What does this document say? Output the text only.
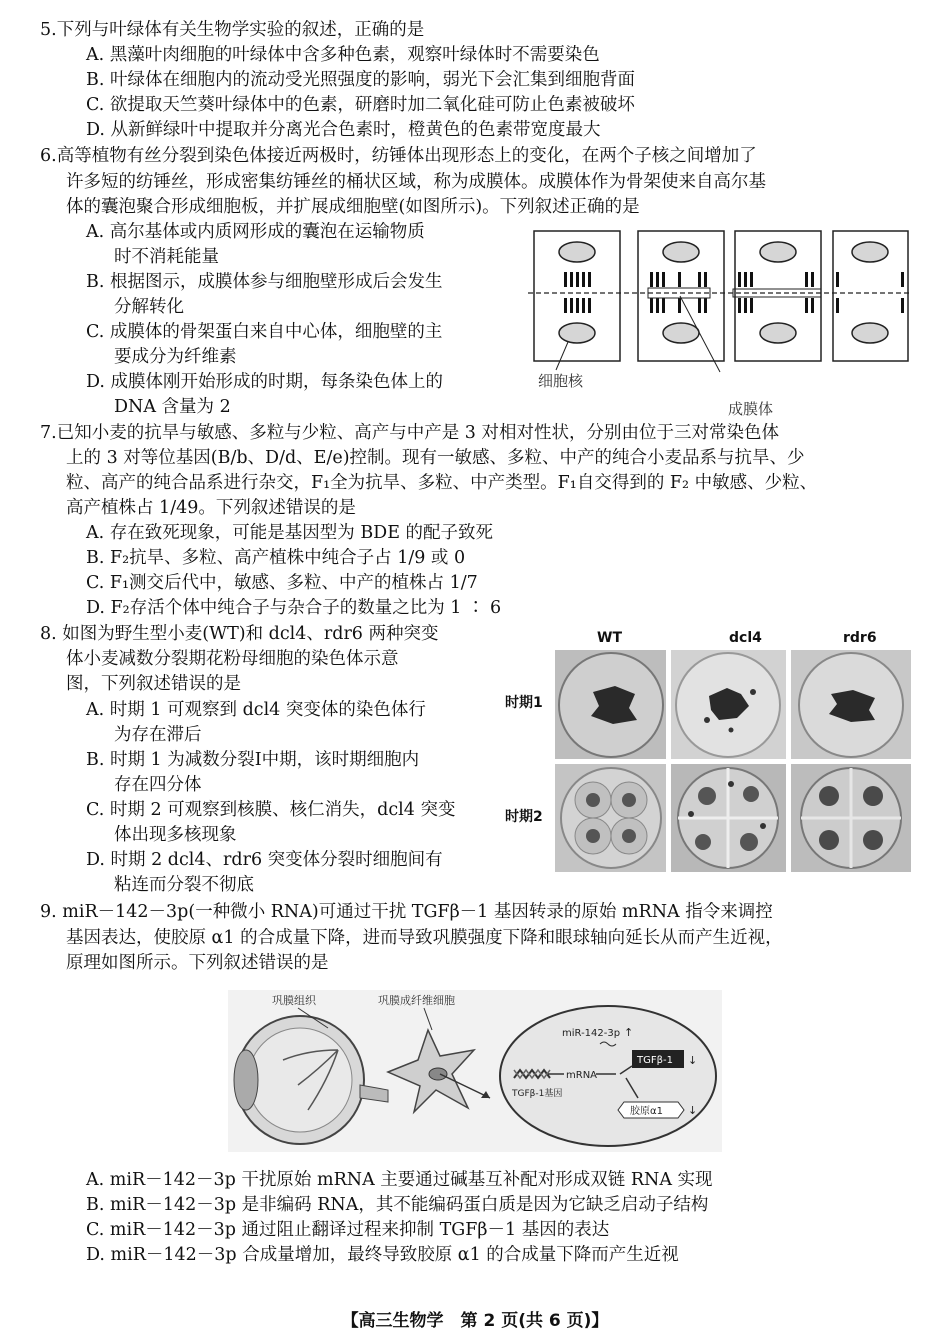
5.下列与叶绿体有关生物学实验的叙述，正确的是
A. 黑藻叶肉细胞的叶绿体中含多种色素，观察叶绿体时不需要染色
B. 叶绿体在细胞内的流动受光照强度的影响，弱光下会汇集到细胞背面
C. 欲提取天竺葵叶绿体中的色素，研磨时加二氧化硅可防止色素被破坏
D. 从新鲜绿叶中提取并分离光合色素时，橙黄色的色素带宽度最大
6.高等植物有丝分裂到染色体接近两极时，纺锤体出现形态上的变化，在两个子核之间增加了
许多短的纺锤丝，形成密集纺锤丝的桶状区域，称为成膜体。成膜体作为骨架使来自高尔基
体的囊泡聚合形成细胞板，并扩展成细胞壁(如图所示)。下列叙述正确的是
A. 高尔基体或内质网形成的囊泡在运输物质
时不消耗能量
B. 根据图示，成膜体参与细胞壁形成后会发生
分解转化
C. 成膜体的骨架蛋白来自中心体，细胞壁的主
要成分为纤维素
D. 成膜体刚开始形成的时期，每条染色体上的
DNA 含量为 2
细胞核
成膜体
7.已知小麦的抗旱与敏感、多粒与少粒、高产与中产是 3 对相对性状，分别由位于三对常染色体
上的 3 对等位基因(B/b、D/d、E/e)控制。现有一敏感、多粒、中产的纯合小麦品系与抗旱、少
粒、高产的纯合品系进行杂交，F₁全为抗旱、多粒、中产类型。F₁自交得到的 F₂ 中敏感、少粒、
高产植株占 1/49。下列叙述错误的是
A. 存在致死现象，可能是基因型为 BDE 的配子致死
B. F₂抗旱、多粒、高产植株中纯合子占 1/9 或 0
C. F₁测交后代中，敏感、多粒、中产的植株占 1/7
D. F₂存活个体中纯合子与杂合子的数量之比为 1 ∶ 6
8. 如图为野生型小麦(WT)和 dcl4、rdr6 两种突变
体小麦减数分裂期花粉母细胞的染色体示意
图，下列叙述错误的是
A. 时期 1 可观察到 dcl4 突变体的染色体行
为存在滞后
B. 时期 1 为减数分裂Ⅰ中期，该时期细胞内
存在四分体
C. 时期 2 可观察到核膜、核仁消失，dcl4 突变
体出现多核现象
D. 时期 2 dcl4、rdr6 突变体分裂时细胞间有
粘连而分裂不彻底
WT	dcl4	rdr6
时期1
时期2
9. miR－142－3p(一种微小 RNA)可通过干扰 TGFβ－1 基因转录的原始 mRNA 指令来调控
基因表达，使胶原 α1 的合成量下降，进而导致巩膜强度下降和眼球轴向延长从而产生近视，
原理如图所示。下列叙述错误的是
巩膜组织	巩膜成纤维细胞
miR-142-3p ↑
TGFβ-1 ↓
mRNA
TGFβ-1基因
胶原α1 ↓
A. miR－142－3p 干扰原始 mRNA 主要通过碱基互补配对形成双链 RNA 实现
B. miR－142－3p 是非编码 RNA，其不能编码蛋白质是因为它缺乏启动子结构
C. miR－142－3p 通过阻止翻译过程来抑制 TGFβ－1 基因的表达
D. miR－142－3p 合成量增加，最终导致胶原 α1 的合成量下降而产生近视
【高三生物学　第 2 页(共 6 页)】
